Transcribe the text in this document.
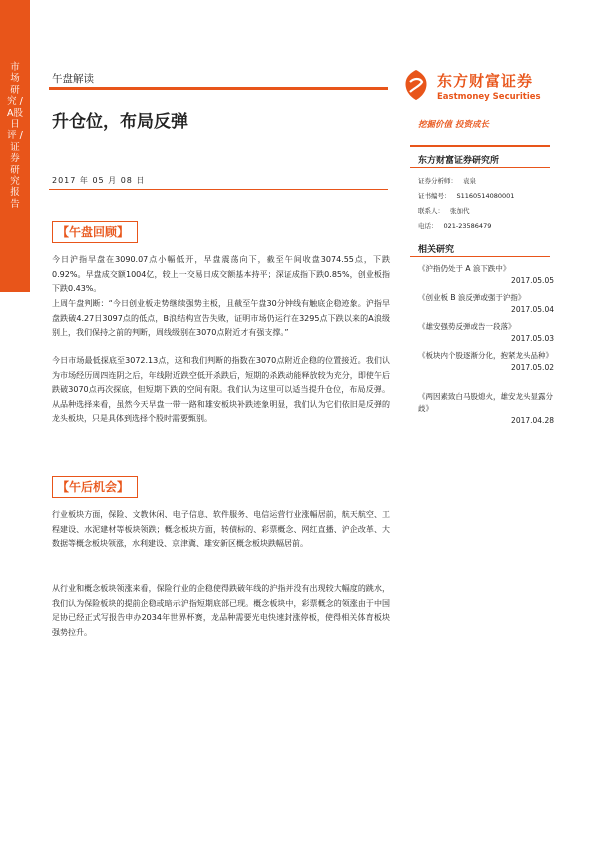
市场研究 / A股日评 / 证券研究报告
午盘解读
升仓位，布局反弹
2017 年 05 月 08 日
【午盘回顾】
今日沪指早盘在3090.07点小幅低开，早盘震荡向下，截至午间收盘3074.55点，下跌0.92%。早盘成交额1004亿，较上一交易日成交额基本持平；深证成指下跌0.85%，创业板指下跌0.43%。
上周午盘判断：“今日创业板走势继续强势主板，且截至午盘30分钟线有触底企稳迹象。沪指早盘跌破4.27日3097点的低点，B浪结构宣告失败，证明市场仍运行在3295点下跌以来的A浪级别上，我们保持之前的判断，周线级别在3070点附近才有强支撑。”
今日市场最低探底至3072.13点，这和我们判断的指数在3070点附近企稳的位置接近。我们认为市场经历周四连阴之后，年线附近跌空低开杀跌后，短期的杀跌动能释放较为充分，即使午后跌破3070点再次探底，但短期下跌的空间有限。我们认为这里可以适当提升仓位，布局反弹。从品种选择来看，虽然今天早盘一带一路和雄安板块补跌迹象明显，我们认为它们依旧是反弹的龙头板块，只是具体到选择个股时需要甄别。
【午后机会】
行业板块方面，保险、文教休闲、电子信息、软件服务、电信运营行业涨幅居前，航天航空、工程建设、水泥建材等板块领跌；概念板块方面，转债标的、彩票概念、网红直播、沪企改革、大数据等概念板块领涨，水利建设、京津冀、雄安新区概念板块跌幅居前。
从行业和概念板块领涨来看，保险行业的企稳使得跌破年线的沪指并没有出现较大幅度的跳水，我们认为保险板块的提前企稳或暗示沪指短期底部已现。概念板块中，彩票概念的领涨由于中国足协已经正式写报告申办2034年世界杯赛，龙品种需要光电快速封涨停板，使得相关体育板块强势拉升。
东方财富证券
Eastmoney Securities
挖掘价值 投资成长
东方财富证券研究所
证券分析师： 袁泉
证书编号： S1160514080001
联系人： 张加代
电话： 021-23586479
相关研究
《沪指仍处于 A 浪下跌中》
2017.05.05
《创业板 B 浪反弹或强于沪指》
2017.05.04
《雄安强势反弹或告一段落》
2017.05.03
《板块内个股逐渐分化，抱紧龙头品种》
2017.05.02
《两因素致白马股熄火，雄安龙头显露分歧》
2017.04.28
